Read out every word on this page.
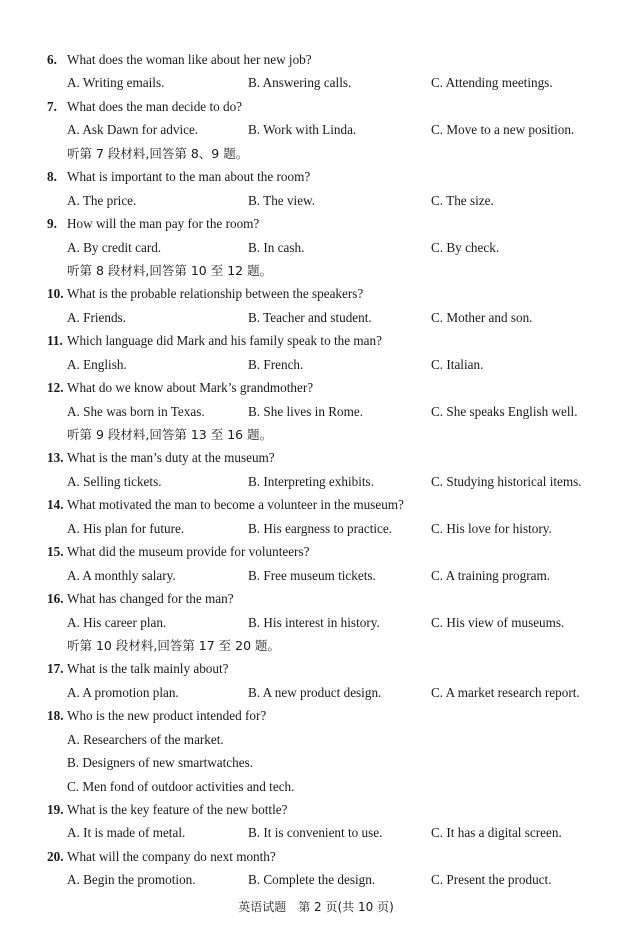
6. What does the woman like about her new job?
A. Writing emails.	B. Answering calls.	C. Attending meetings.
7. What does the man decide to do?
A. Ask Dawn for advice.	B. Work with Linda.	C. Move to a new position.
听第 7 段材料,回答第 8、9 题。
8. What is important to the man about the room?
A. The price.	B. The view.	C. The size.
9. How will the man pay for the room?
A. By credit card.	B. In cash.	C. By check.
听第 8 段材料,回答第 10 至 12 题。
10. What is the probable relationship between the speakers?
A. Friends.	B. Teacher and student.	C. Mother and son.
11. Which language did Mark and his family speak to the man?
A. English.	B. French.	C. Italian.
12. What do we know about Mark’s grandmother?
A. She was born in Texas.	B. She lives in Rome.	C. She speaks English well.
听第 9 段材料,回答第 13 至 16 题。
13. What is the man’s duty at the museum?
A. Selling tickets.	B. Interpreting exhibits.	C. Studying historical items.
14. What motivated the man to become a volunteer in the museum?
A. His plan for future.	B. His eargness to practice.	C. His love for history.
15. What did the museum provide for volunteers?
A. A monthly salary.	B. Free museum tickets.	C. A training program.
16. What has changed for the man?
A. His career plan.	B. His interest in history.	C. His view of museums.
听第 10 段材料,回答第 17 至 20 题。
17. What is the talk mainly about?
A. A promotion plan.	B. A new product design.	C. A market research report.
18. Who is the new product intended for?
A. Researchers of the market.
B. Designers of new smartwatches.
C. Men fond of outdoor activities and tech.
19. What is the key feature of the new bottle?
A. It is made of metal.	B. It is convenient to use.	C. It has a digital screen.
20. What will the company do next month?
A. Begin the promotion.	B. Complete the design.	C. Present the product.
英语试题　第 2 页(共 10 页)
